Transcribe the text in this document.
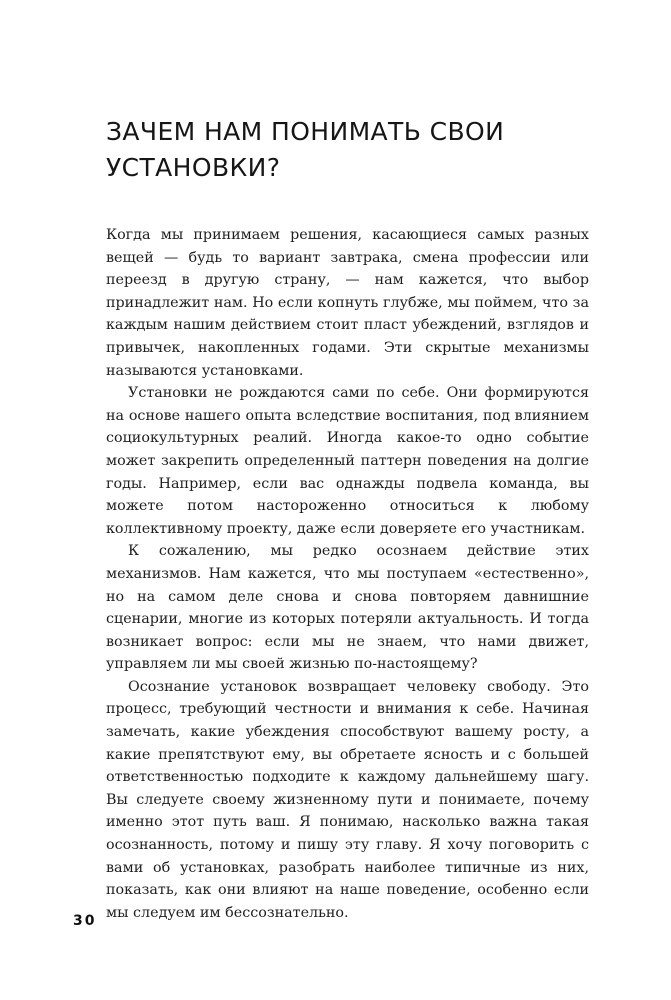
ЗАЧЕМ НАМ ПОНИМАТЬ СВОИ УСТАНОВКИ?

Когда мы принимаем решения, касающиеся самых разных вещей — будь то вариант завтрака, смена профессии или переезд в другую страну, — нам кажется, что выбор принадлежит нам. Но если копнуть глубже, мы поймем, что за каждым нашим действием стоит пласт убеждений, взглядов и привычек, накопленных годами. Эти скрытые механизмы называются установками.

Установки не рождаются сами по себе. Они формируются на основе нашего опыта вследствие воспитания, под влиянием социокультурных реалий. Иногда какое-то одно событие может закрепить определенный паттерн поведения на долгие годы. Например, если вас однажды подвела команда, вы можете потом настороженно относиться к любому коллективному проекту, даже если доверяете его участникам.

К сожалению, мы редко осознаем действие этих механизмов. Нам кажется, что мы поступаем «естественно», но на самом деле снова и снова повторяем давнишние сценарии, многие из которых потеряли актуальность. И тогда возникает вопрос: если мы не знаем, что нами движет, управляем ли мы своей жизнью по-настоящему?

Осознание установок возвращает человеку свободу. Это процесс, требующий честности и внимания к себе. Начиная замечать, какие убеждения способствуют вашему росту, а какие препятствуют ему, вы обретаете ясность и с большей ответственностью подходите к каждому дальнейшему шагу. Вы следуете своему жизненному пути и понимаете, почему именно этот путь ваш. Я понимаю, насколько важна такая осознанность, потому и пишу эту главу. Я хочу поговорить с вами об установках, разобрать наиболее типичные из них, показать, как они влияют на наше поведение, особенно если мы следуем им бессознательно.

30
